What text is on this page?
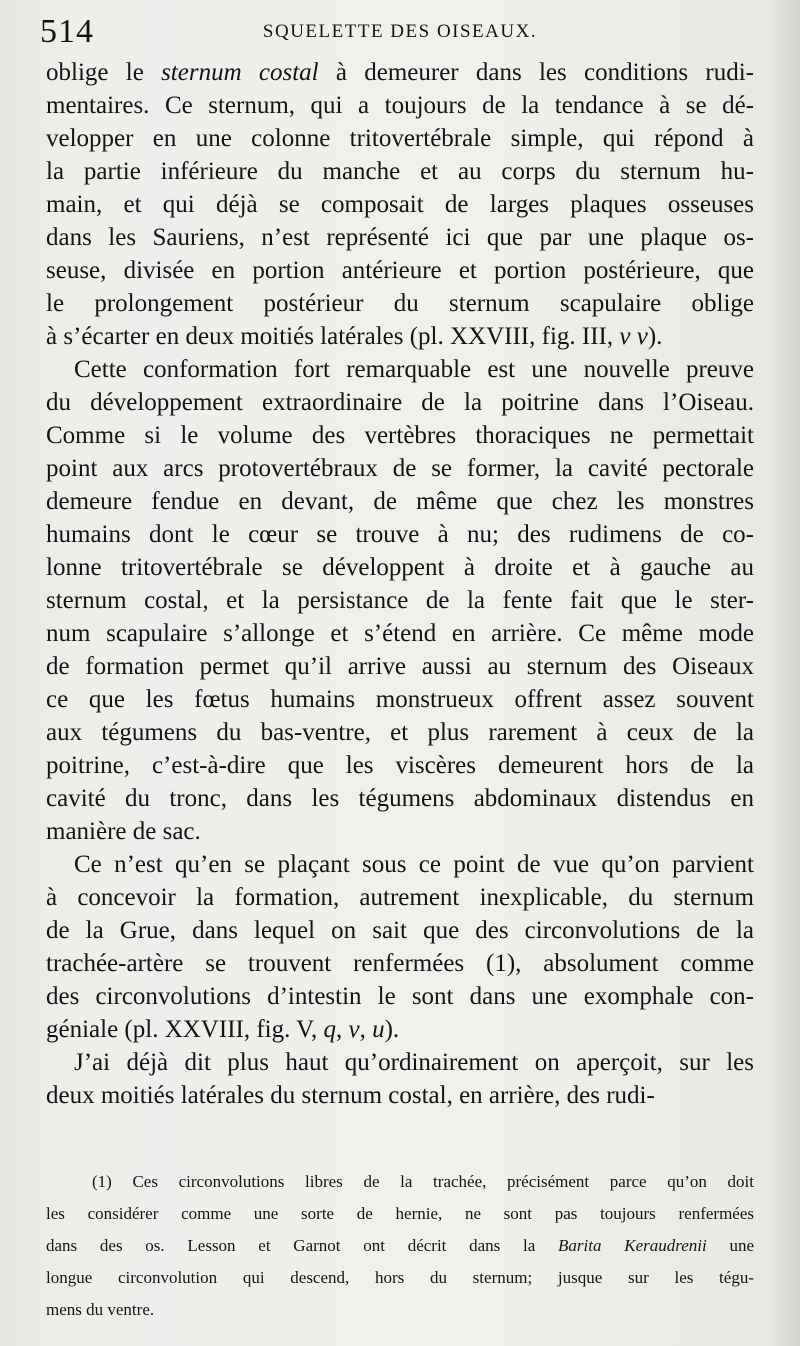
514	SQUELETTE DES OISEAUX.
oblige le sternum costal à demeurer dans les conditions rudi-
mentaires. Ce sternum, qui a toujours de la tendance à se dé-
velopper en une colonne tritovertébrale simple, qui répond à
la partie inférieure du manche et au corps du sternum hu-
main, et qui déjà se composait de larges plaques osseuses
dans les Sauriens, n’est représenté ici que par une plaque os-
seuse, divisée en portion antérieure et portion postérieure, que
le prolongement postérieur du sternum scapulaire oblige
à s’écarter en deux moitiés latérales (pl. XXVIII, fig. III, v v).
Cette conformation fort remarquable est une nouvelle preuve
du développement extraordinaire de la poitrine dans l’Oiseau.
Comme si le volume des vertèbres thoraciques ne permettait
point aux arcs protovertébraux de se former, la cavité pectorale
demeure fendue en devant, de même que chez les monstres
humains dont le cœur se trouve à nu; des rudimens de co-
lonne tritovertébrale se développent à droite et à gauche au
sternum costal, et la persistance de la fente fait que le ster-
num scapulaire s’allonge et s’étend en arrière. Ce même mode
de formation permet qu’il arrive aussi au sternum des Oiseaux
ce que les fœtus humains monstrueux offrent assez souvent
aux tégumens du bas-ventre, et plus rarement à ceux de la
poitrine, c’est-à-dire que les viscères demeurent hors de la
cavité du tronc, dans les tégumens abdominaux distendus en
manière de sac.
Ce n’est qu’en se plaçant sous ce point de vue qu’on parvient
à concevoir la formation, autrement inexplicable, du sternum
de la Grue, dans lequel on sait que des circonvolutions de la
trachée-artère se trouvent renfermées (1), absolument comme
des circonvolutions d’intestin le sont dans une exomphale con-
géniale (pl. XXVIII, fig. V, q, v, u).
J’ai déjà dit plus haut qu’ordinairement on aperçoit, sur les
deux moitiés latérales du sternum costal, en arrière, des rudi-
(1) Ces circonvolutions libres de la trachée, précisément parce qu’on doit
les considérer comme une sorte de hernie, ne sont pas toujours renfermées
dans des os. Lesson et Garnot ont décrit dans la Barita Keraudrenii une
longue circonvolution qui descend, hors du sternum; jusque sur les tégu-
mens du ventre.
